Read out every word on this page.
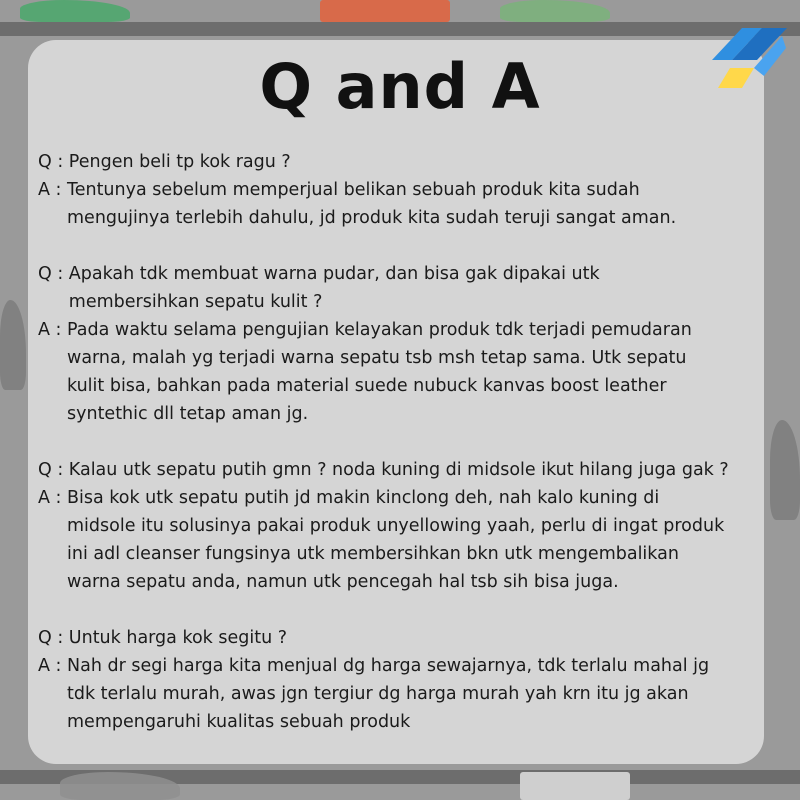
Q and A
Q : Pengen beli tp kok ragu ?
A : Tentunya sebelum memperjual belikan sebuah produk kita sudah
mengujinya terlebih dahulu, jd produk kita sudah teruji sangat aman.
Q : Apakah tdk membuat warna pudar, dan bisa gak dipakai utk
membersihkan sepatu kulit ?
A : Pada waktu selama pengujian kelayakan produk tdk terjadi pemudaran
warna, malah yg terjadi warna sepatu tsb msh tetap sama. Utk sepatu
kulit bisa, bahkan pada material suede nubuck kanvas boost leather
syntethic dll tetap aman jg.
Q : Kalau utk sepatu putih gmn ? noda kuning di midsole ikut hilang juga gak ?
A : Bisa kok utk sepatu putih jd makin kinclong deh, nah kalo kuning di
midsole itu solusinya pakai produk unyellowing yaah, perlu di ingat produk
ini adl cleanser fungsinya utk membersihkan bkn utk mengembalikan
warna sepatu anda, namun utk pencegah hal tsb sih bisa juga.
Q : Untuk harga kok segitu ?
A : Nah dr segi harga kita menjual dg harga sewajarnya, tdk terlalu mahal jg
tdk terlalu murah, awas jgn tergiur dg harga murah yah krn itu jg akan
mempengaruhi kualitas sebuah produk
